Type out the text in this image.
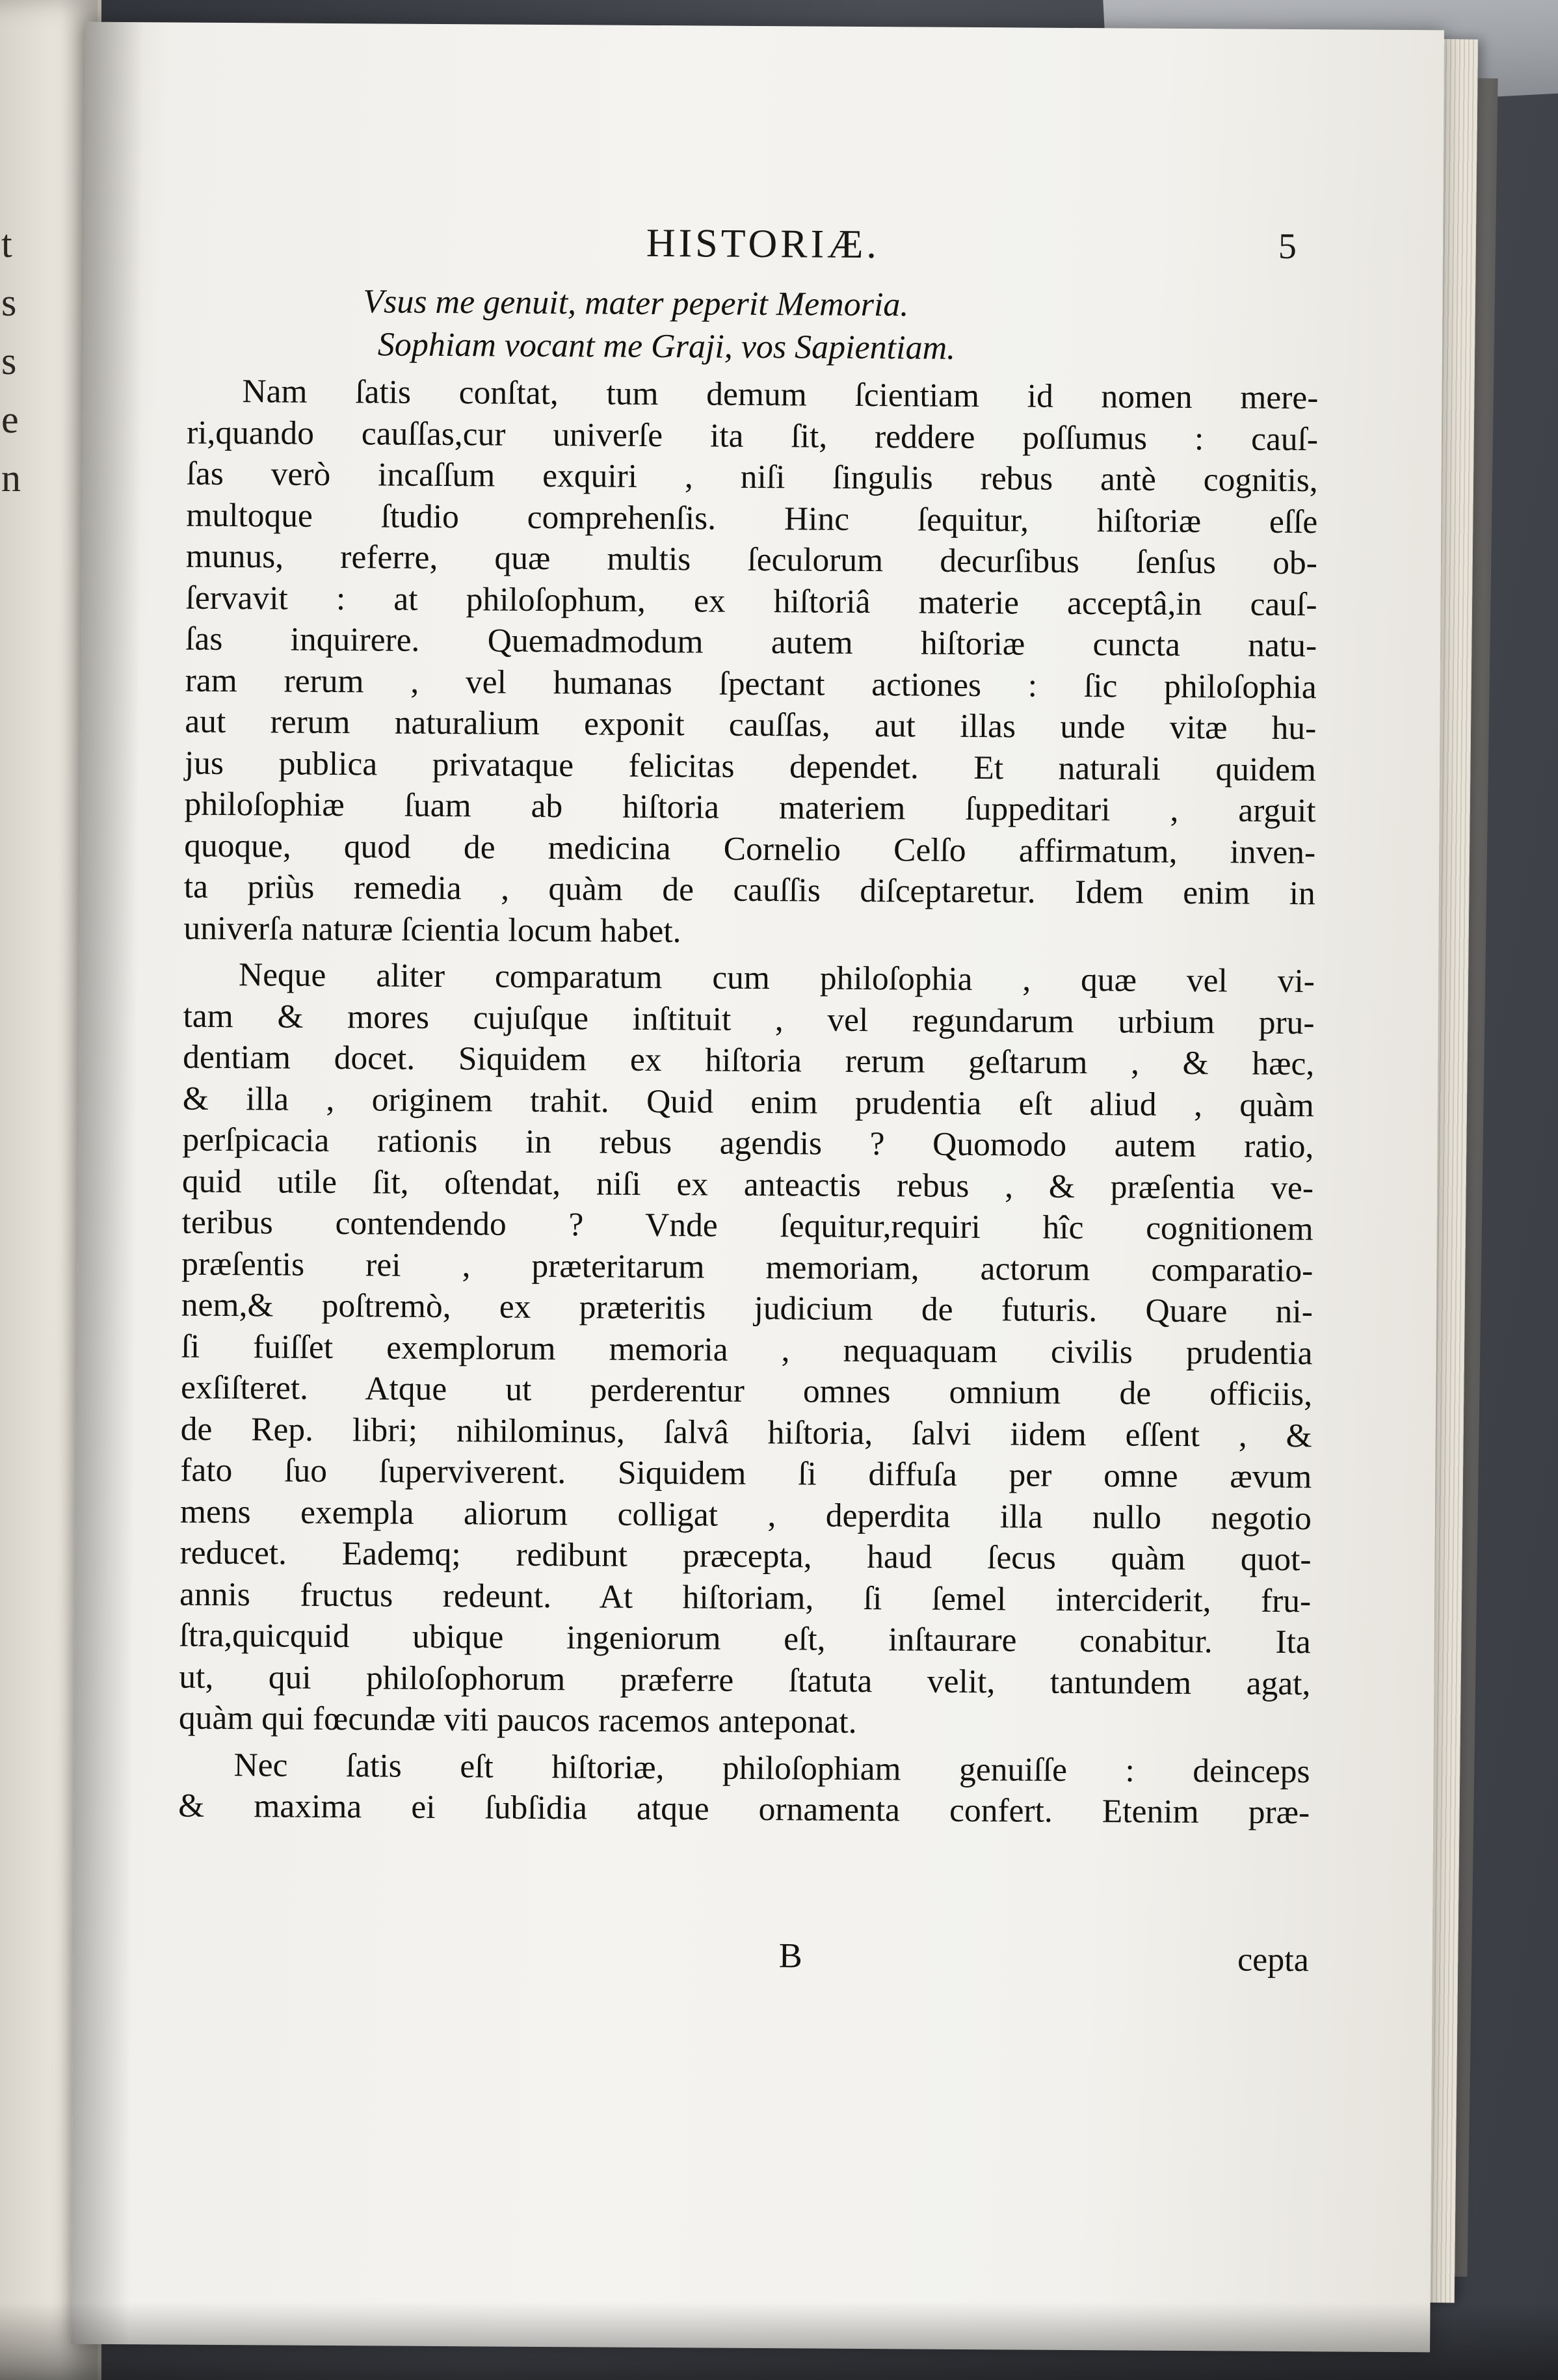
t
s
s
e
n
HISTORIÆ.	5
Vsus me genuit, mater peperit Memoria.
Sophiam vocant me Graji, vos Sapientiam.
Nam ſatis conſtat, tum demum ſcientiam id nomen mere-
ri,quando cauſſas,cur univerſe ita ſit, reddere poſſumus : cauſ-
ſas verò incaſſum exquiri , niſi ſingulis rebus antè cognitis,
multoque ſtudio comprehenſis. Hinc ſequitur, hiſtoriæ eſſe
munus, referre, quæ multis ſeculorum decurſibus ſenſus ob-
ſervavit : at philoſophum, ex hiſtoriâ materie acceptâ,in cauſ-
ſas inquirere. Quemadmodum autem hiſtoriæ cuncta natu-
ram rerum , vel humanas ſpectant actiones : ſic philoſophia
aut rerum naturalium exponit cauſſas, aut illas unde vitæ hu-
jus publica privataque felicitas dependet. Et naturali quidem
philoſophiæ ſuam ab hiſtoria materiem ſuppeditari , arguit
quoque, quod de medicina Cornelio Celſo affirmatum, inven-
ta priùs remedia , quàm de cauſſis diſceptaretur. Idem enim in
univerſa naturæ ſcientia locum habet.
Neque aliter comparatum cum philoſophia , quæ vel vi-
tam & mores cujuſque inſtituit , vel regundarum urbium pru-
dentiam docet. Siquidem ex hiſtoria rerum geſtarum , & hæc,
& illa , originem trahit. Quid enim prudentia eſt aliud , quàm
perſpicacia rationis in rebus agendis ? Quomodo autem ratio,
quid utile ſit, oſtendat, niſi ex anteactis rebus , & præſentia ve-
teribus contendendo ? Vnde ſequitur,requiri hîc cognitionem
præſentis rei , præteritarum memoriam, actorum comparatio-
nem,& poſtremò, ex præteritis judicium de futuris. Quare ni-
ſi fuiſſet exemplorum memoria , nequaquam civilis prudentia
exſiſteret. Atque ut perderentur omnes omnium de officiis,
de Rep. libri; nihilominus, ſalvâ hiſtoria, ſalvi iidem eſſent , &
fato ſuo ſuperviverent. Siquidem ſi diffuſa per omne ævum
mens exempla aliorum colligat , deperdita illa nullo negotio
reducet. Eademq; redibunt præcepta, haud ſecus quàm quot-
annis fructus redeunt. At hiſtoriam, ſi ſemel interciderit, fru-
ſtra,quicquid ubique ingeniorum eſt, inſtaurare conabitur. Ita
ut, qui philoſophorum præferre ſtatuta velit, tantundem agat,
quàm qui fœcundæ viti paucos racemos anteponat.
Nec ſatis eſt hiſtoriæ, philoſophiam genuiſſe : deinceps
& maxima ei ſubſidia atque ornamenta confert. Etenim præ-
B	cepta
